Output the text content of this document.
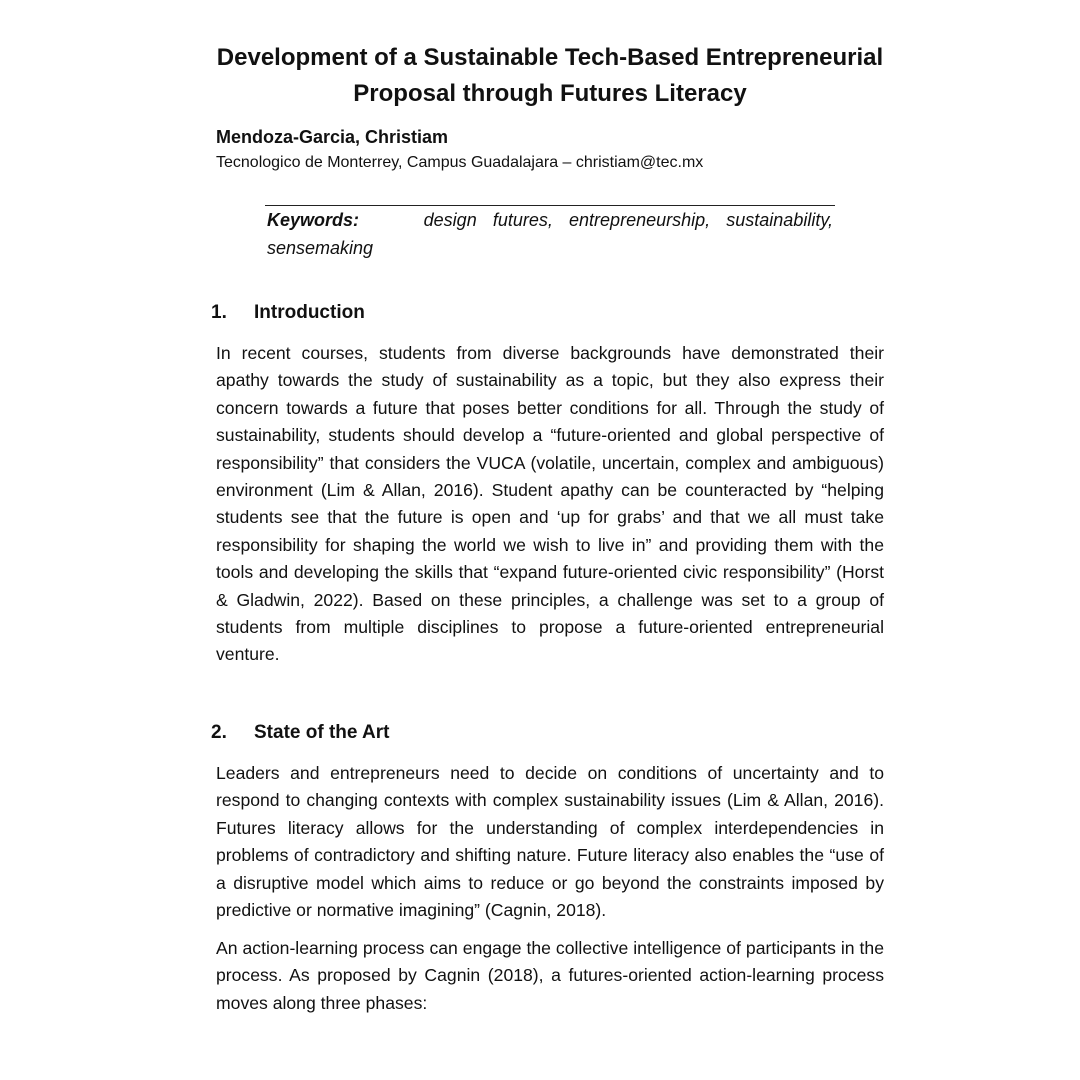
Development of a Sustainable Tech-Based Entrepreneurial
Proposal through Futures Literacy

Mendoza-Garcia, Christiam

Tecnologico de Monterrey, Campus Guadalajara – christiam@tec.mx

Keywords:	design futures, entrepreneurship, sustainability, sensemaking

1.	Introduction

In recent courses, students from diverse backgrounds have demonstrated their apathy towards the study of sustainability as a topic, but they also express their concern towards a future that poses better conditions for all. Through the study of sustainability, students should develop a “future-oriented and global perspective of responsibility” that considers the VUCA (volatile, uncertain, complex and ambiguous) environment (Lim & Allan, 2016). Student apathy can be counteracted by “helping students see that the future is open and ‘up for grabs’ and that we all must take responsibility for shaping the world we wish to live in” and providing them with the tools and developing the skills that “expand future-oriented civic responsibility” (Horst & Gladwin, 2022). Based on these principles, a challenge was set to a group of students from multiple disciplines to propose a future-oriented entrepreneurial venture.

2.	State of the Art

Leaders and entrepreneurs need to decide on conditions of uncertainty and to respond to changing contexts with complex sustainability issues (Lim & Allan, 2016). Futures literacy allows for the understanding of complex interdependencies in problems of contradictory and shifting nature. Future literacy also enables the “use of a disruptive model which aims to reduce or go beyond the constraints imposed by predictive or normative imagining” (Cagnin, 2018).

An action-learning process can engage the collective intelligence of participants in the process. As proposed by Cagnin (2018), a futures-oriented action-learning process moves along three phases:
